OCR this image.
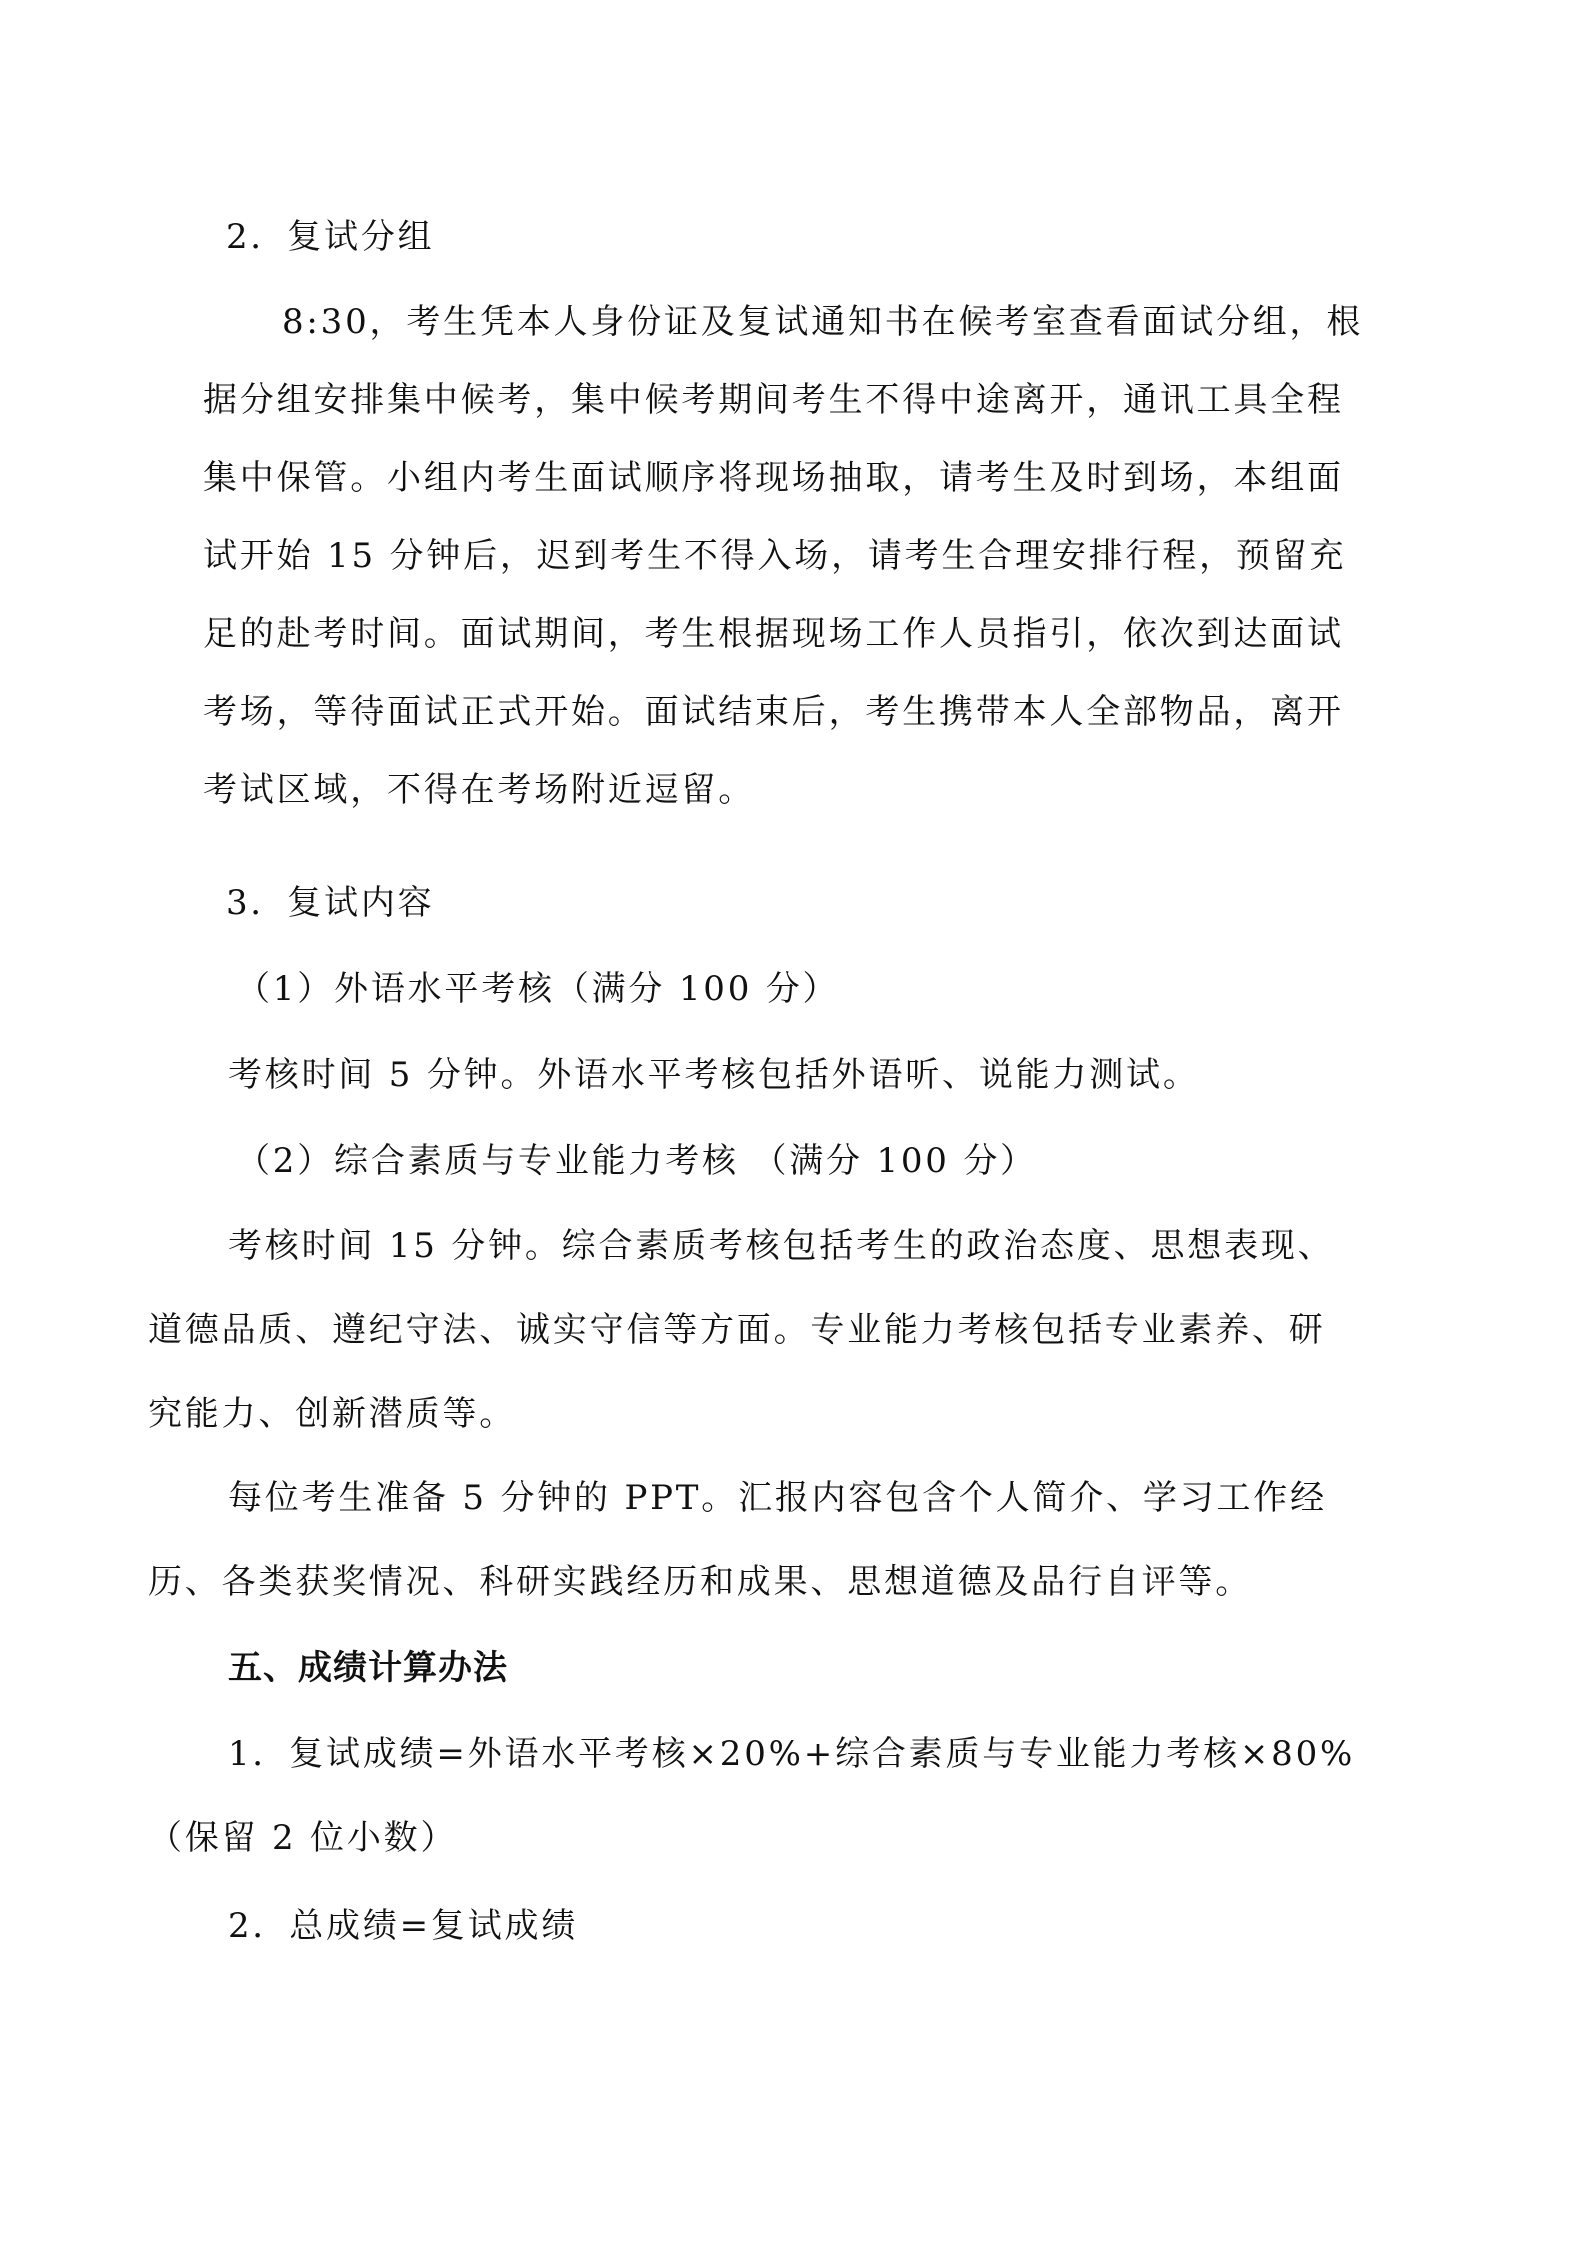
2．复试分组

8:30，考生凭本人身份证及复试通知书在候考室查看面试分组，根

据分组安排集中候考，集中候考期间考生不得中途离开，通讯工具全程

集中保管。小组内考生面试顺序将现场抽取，请考生及时到场，本组面

试开始 15 分钟后，迟到考生不得入场，请考生合理安排行程，预留充

足的赴考时间。面试期间，考生根据现场工作人员指引，依次到达面试

考场，等待面试正式开始。面试结束后，考生携带本人全部物品，离开

考试区域，不得在考场附近逗留。

3．复试内容

（1）外语水平考核（满分 100 分）

考核时间 5 分钟。外语水平考核包括外语听、说能力测试。

（2）综合素质与专业能力考核 （满分 100 分）

考核时间 15 分钟。综合素质考核包括考生的政治态度、思想表现、

道德品质、遵纪守法、诚实守信等方面。专业能力考核包括专业素养、研

究能力、创新潜质等。

每位考生准备 5 分钟的 PPT。汇报内容包含个人简介、学习工作经

历、各类获奖情况、科研实践经历和成果、思想道德及品行自评等。

五、成绩计算办法

1．复试成绩=外语水平考核×20%+综合素质与专业能力考核×80%

（保留 2 位小数）

2．总成绩=复试成绩
